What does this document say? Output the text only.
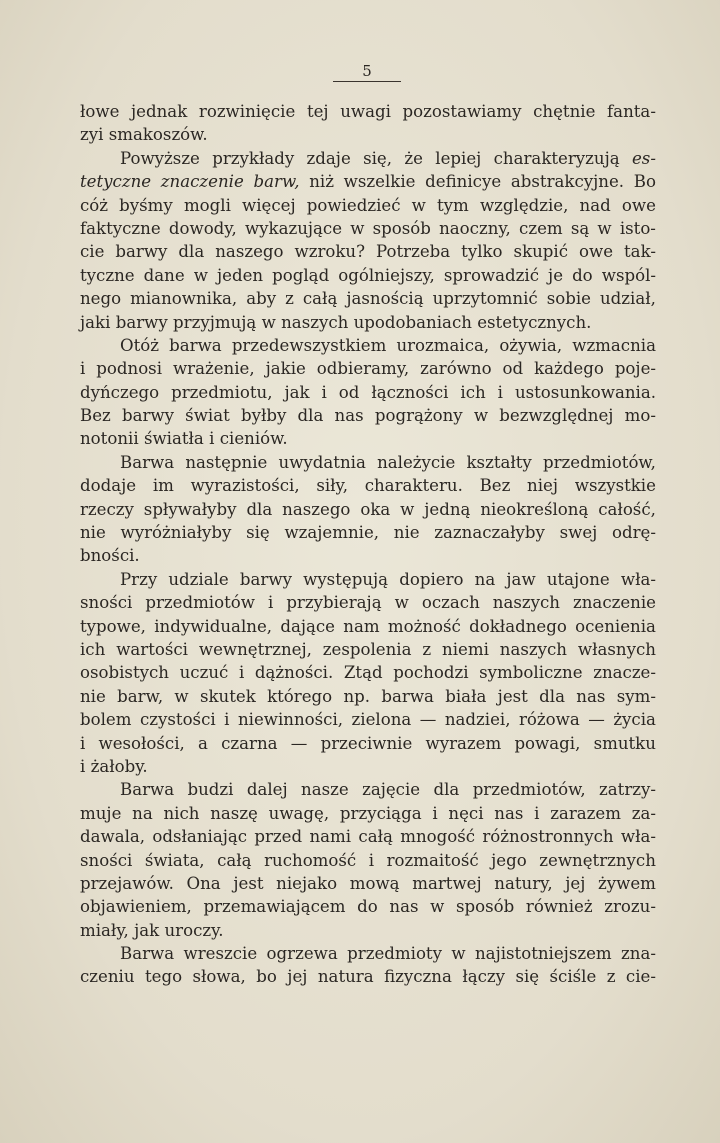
5
łowe jednak rozwinięcie tej uwagi pozostawiamy chętnie fanta-
zyi smakoszów.
Powyższe przykłady zdaje się, że lepiej charakteryzują es-
tetyczne znaczenie barw, niż wszelkie definicye abstrakcyjne. Bo
cóż byśmy mogli więcej powiedzieć w tym względzie, nad owe
faktyczne dowody, wykazujące w sposób naoczny, czem są w isto-
cie barwy dla naszego wzroku? Potrzeba tylko skupić owe tak-
tyczne dane w jeden pogląd ogólniejszy, sprowadzić je do wspól-
nego mianownika, aby z całą jasnością uprzytomnić sobie udział,
jaki barwy przyjmują w naszych upodobaniach estetycznych.
Otóż barwa przedewszystkiem urozmaica, ożywia, wzmacnia
i podnosi wrażenie, jakie odbieramy, zarówno od każdego poje-
dyńczego przedmiotu, jak i od łączności ich i ustosunkowania.
Bez barwy świat byłby dla nas pogrążony w bezwzględnej mo-
notonii światła i cieniów.
Barwa następnie uwydatnia należycie kształty przedmiotów,
dodaje im wyrazistości, siły, charakteru. Bez niej wszystkie
rzeczy spływałyby dla naszego oka w jedną nieokreśloną całość,
nie wyróżniałyby się wzajemnie, nie zaznaczałyby swej odrę-
bności.
Przy udziale barwy występują dopiero na jaw utajone wła-
sności przedmiotów i przybierają w oczach naszych znaczenie
typowe, indywidualne, dające nam możność dokładnego ocenienia
ich wartości wewnętrznej, zespolenia z niemi naszych własnych
osobistych uczuć i dążności. Ztąd pochodzi symboliczne znacze-
nie barw, w skutek którego np. barwa biała jest dla nas sym-
bolem czystości i niewinności, zielona — nadziei, różowa — życia
i wesołości, a czarna — przeciwnie wyrazem powagi, smutku
i żałoby.
Barwa budzi dalej nasze zajęcie dla przedmiotów, zatrzy-
muje na nich naszę uwagę, przyciąga i nęci nas i zarazem za-
dawala, odsłaniając przed nami całą mnogość różnostronnych wła-
sności świata, całą ruchomość i rozmaitość jego zewnętrznych
przejawów. Ona jest niejako mową martwej natury, jej żywem
objawieniem, przemawiającem do nas w sposób również zrozu-
miały, jak uroczy.
Barwa wreszcie ogrzewa przedmioty w najistotniejszem zna-
czeniu tego słowa, bo jej natura fizyczna łączy się ściśle z cie-
